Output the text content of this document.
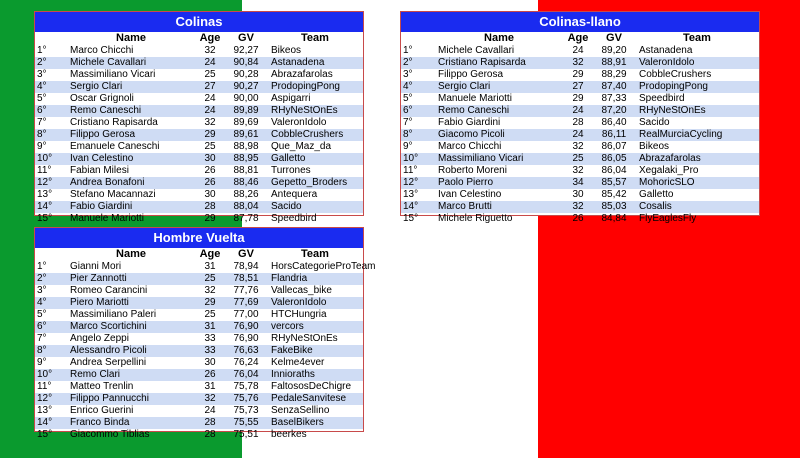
Colinas
	Name	Age	GV	Team
1°	Marco Chicchi	32	92,27	Bikeos
2°	Michele Cavallari	24	90,84	Astanadena
3°	Massimiliano Vicari	25	90,28	Abrazafarolas
4°	Sergio Clari	27	90,27	ProdopingPong
5°	Oscar Grignoli	24	90,00	Aspigarri
6°	Remo Caneschi	24	89,89	RHyNeStOnEs
7°	Cristiano Rapisarda	32	89,69	ValeronIdolo
8°	Filippo Gerosa	29	89,61	CobbleCrushers
9°	Emanuele Caneschi	25	88,98	Que_Maz_da
10°	Ivan Celestino	30	88,95	Galletto
11°	Fabian Milesi	26	88,81	Turrones
12°	Andrea Bonafoni	26	88,46	Gepetto_Broders
13°	Stefano Macannazi	30	88,26	Antequera
14°	Fabio Giardini	28	88,04	Sacido
15°	Manuele Mariotti	29	87,78	Speedbird
Colinas-llano
	Name	Age	GV	Team
1°	Michele Cavallari	24	89,20	Astanadena
2°	Cristiano Rapisarda	32	88,91	ValeronIdolo
3°	Filippo Gerosa	29	88,29	CobbleCrushers
4°	Sergio Clari	27	87,40	ProdopingPong
5°	Manuele Mariotti	29	87,33	Speedbird
6°	Remo Caneschi	24	87,20	RHyNeStOnEs
7°	Fabio Giardini	28	86,40	Sacido
8°	Giacomo Picoli	24	86,11	RealMurciaCycling
9°	Marco Chicchi	32	86,07	Bikeos
10°	Massimiliano Vicari	25	86,05	Abrazafarolas
11°	Roberto Moreni	32	86,04	Xegalaki_Pro
12°	Paolo Pierro	34	85,57	MohoricSLO
13°	Ivan Celestino	30	85,42	Galletto
14°	Marco Brutti	32	85,03	Cosalis
15°	Michele Riguetto	26	84,84	FlyEaglesFly
Hombre Vuelta
	Name	Age	GV	Team
1°	Gianni Mori	31	78,94	HorsCategorieProTeam
2°	Pier Zannotti	25	78,51	Flandria
3°	Romeo Carancini	32	77,76	Vallecas_bike
4°	Piero Mariotti	29	77,69	ValeronIdolo
5°	Massimiliano Paleri	25	77,00	HTCHungria
6°	Marco Scortichini	31	76,90	vercors
7°	Angelo Zeppi	33	76,90	RHyNeStOnEs
8°	Alessandro Picoli	33	76,63	FakeBike
9°	Andrea Serpellini	30	76,24	Kelme4ever
10°	Remo Clari	26	76,04	Innioraths
11°	Matteo Trenlin	31	75,78	FaltososDeChigre
12°	Filippo Pannucchi	32	75,76	PedaleSanvitese
13°	Enrico Guerini	24	75,73	SenzaSellino
14°	Franco Binda	28	75,55	BaselBikers
15°	Giacommo Tiblias	28	75,51	beerkes
